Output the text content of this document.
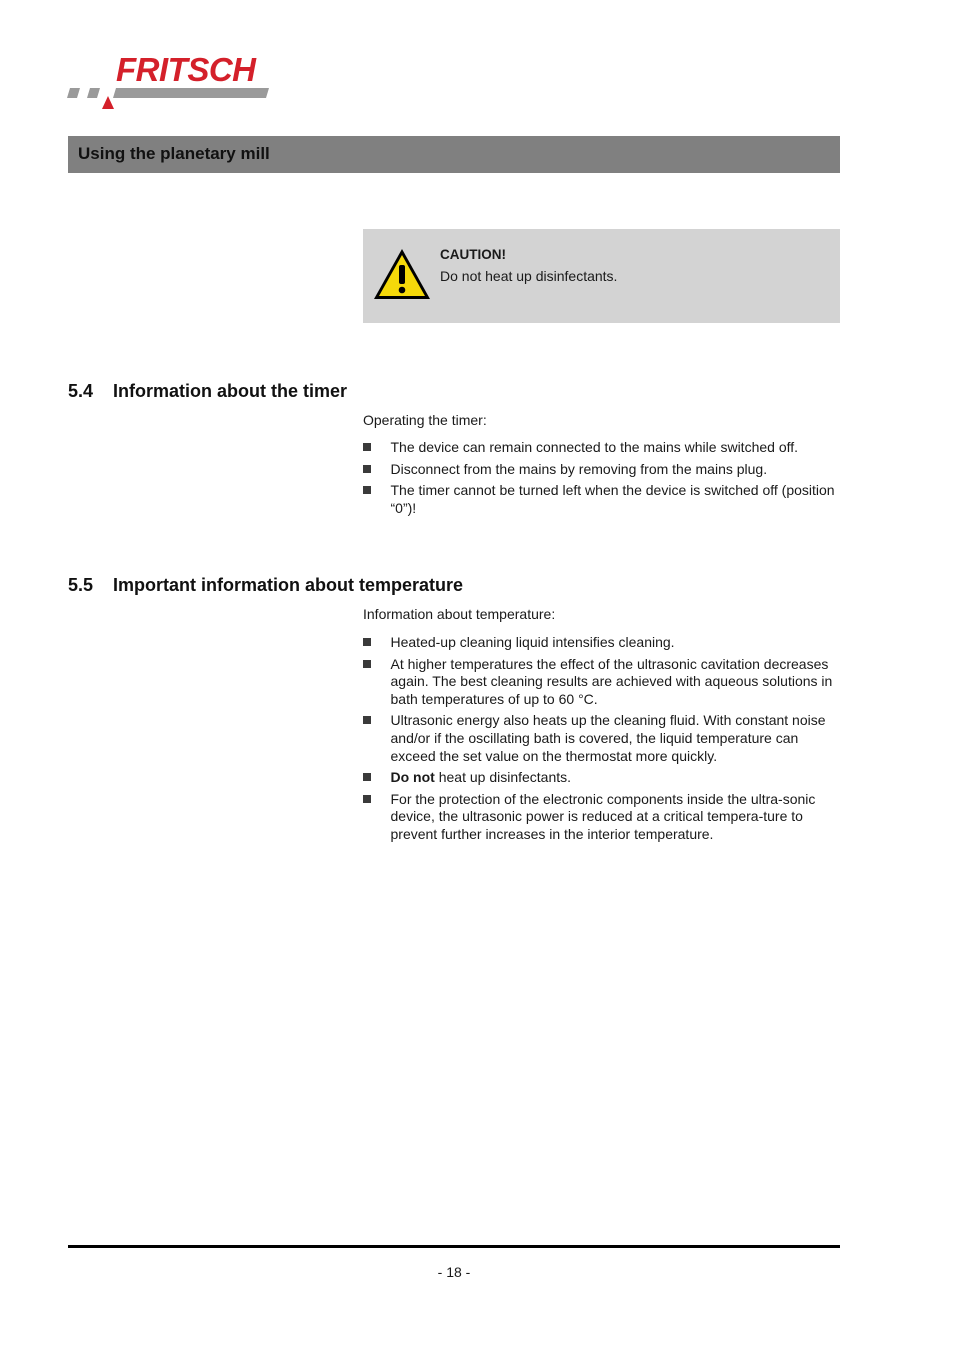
FRITSCH
Using the planetary mill
CAUTION!
Do not heat up disinfectants.
5.4 Information about the timer
Operating the timer:
The device can remain connected to the mains while switched off.
Disconnect from the mains by removing from the mains plug.
The timer cannot be turned left when the device is switched off (position “0”)!
5.5 Important information about temperature
Information about temperature:
Heated-up cleaning liquid intensifies cleaning.
At higher temperatures the effect of the ultrasonic cavitation decreases again. The best cleaning results are achieved with aqueous solutions in bath temperatures of up to 60 °C.
Ultrasonic energy also heats up the cleaning fluid. With constant noise and/or if the oscillating bath is covered, the liquid temperature can exceed the set value on the thermostat more quickly.
Do not heat up disinfectants.
For the protection of the electronic components inside the ultra-sonic device, the ultrasonic power is reduced at a critical tempera-ture to prevent further increases in the interior temperature.
- 18 -
